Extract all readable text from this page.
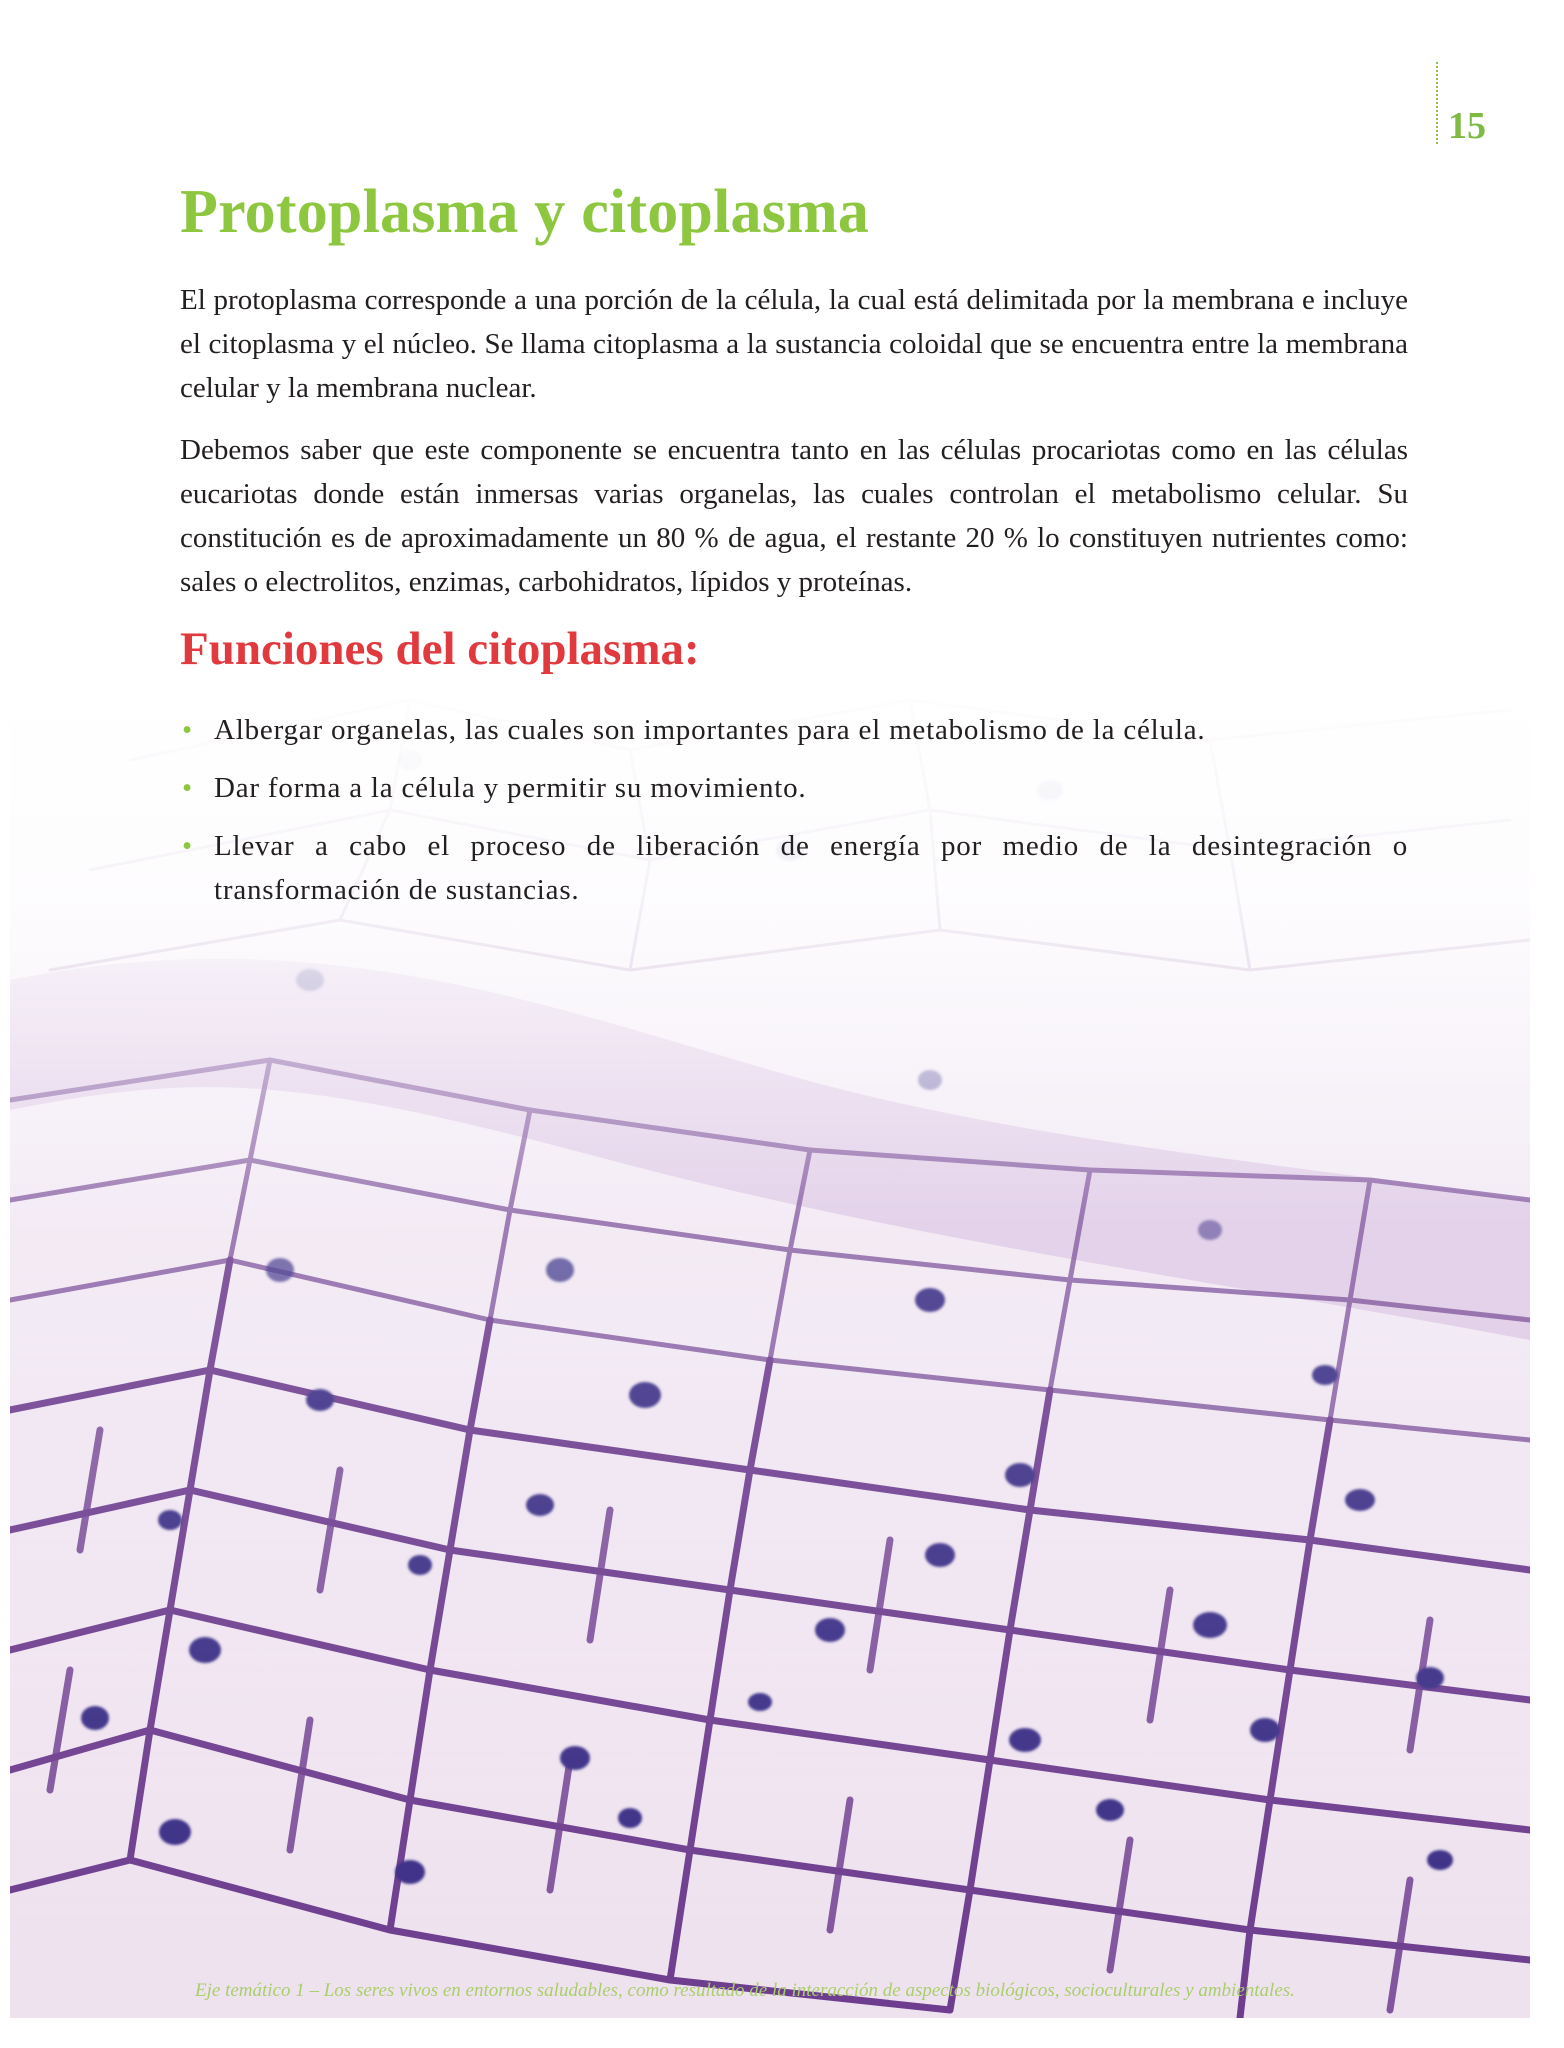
15
Protoplasma y citoplasma

El protoplasma corresponde a una porción de la célula, la cual está delimitada por la membrana e incluye el citoplasma y el núcleo. Se llama citoplasma a la sustancia coloidal que se encuentra entre la membrana celular y la membrana nuclear.

Debemos saber que este componente se encuentra tanto en las células procariotas como en las células eucariotas donde están inmersas varias organelas, las cuales controlan el metabolismo celular. Su constitución es de aproximadamente un 80 % de agua, el restante 20 % lo constituyen nutrientes como: sales o electrolitos, enzimas, carbohidratos, lípidos y proteínas.

Funciones del citoplasma:
• Albergar organelas, las cuales son importantes para el metabolismo de la célula.
• Dar forma a la célula y permitir su movimiento.
• Llevar a cabo el proceso de liberación de energía por medio de la desintegración o transformación de sustancias.
Eje temático 1 – Los seres vivos en entornos saludables, como resultado de la interacción de aspectos biológicos, socioculturales y ambientales.
